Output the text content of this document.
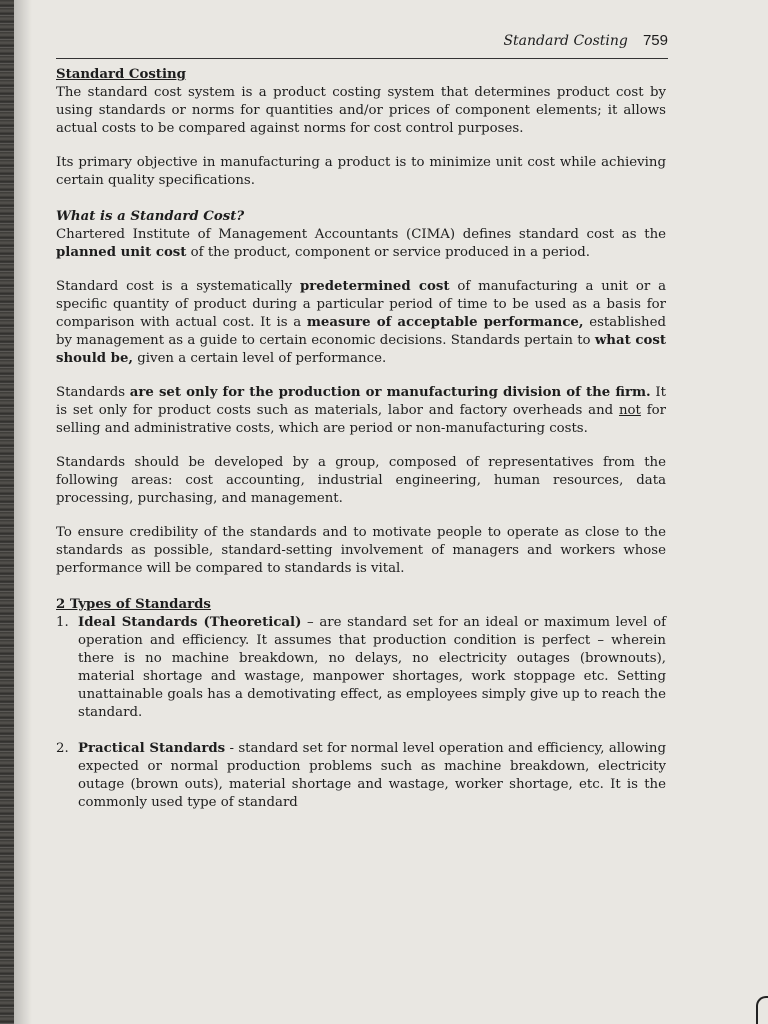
Standard Costing 759
Standard Costing

The standard cost system is a product costing system that determines product cost by using standards or norms for quantities and/or prices of component elements; it allows actual costs to be compared against norms for cost control purposes.

Its primary objective in manufacturing a product is to minimize unit cost while achieving certain quality specifications.

What is a Standard Cost?

Chartered Institute of Management Accountants (CIMA) defines standard cost as the planned unit cost of the product, component or service produced in a period.

Standard cost is a systematically predetermined cost of manufacturing a unit or a specific quantity of product during a particular period of time to be used as a basis for comparison with actual cost. It is a measure of acceptable performance, established by management as a guide to certain economic decisions. Standards pertain to what cost should be, given a certain level of performance.

Standards are set only for the production or manufacturing division of the firm. It is set only for product costs such as materials, labor and factory overheads and not for selling and administrative costs, which are period or non-manufacturing costs.

Standards should be developed by a group, composed of representatives from the following areas: cost accounting, industrial engineering, human resources, data processing, purchasing, and management.

To ensure credibility of the standards and to motivate people to operate as close to the standards as possible, standard-setting involvement of managers and workers whose performance will be compared to standards is vital.

2 Types of Standards
1. Ideal Standards (Theoretical) – are standard set for an ideal or maximum level of operation and efficiency. It assumes that production condition is perfect – wherein there is no machine breakdown, no delays, no electricity outages (brownouts), material shortage and wastage, manpower shortages, work stoppage etc. Setting unattainable goals has a demotivating effect, as employees simply give up to reach the standard.
2. Practical Standards - standard set for normal level operation and efficiency, allowing expected or normal production problems such as machine breakdown, electricity outage (brown outs), material shortage and wastage, worker shortage, etc. It is the commonly used type of standard
